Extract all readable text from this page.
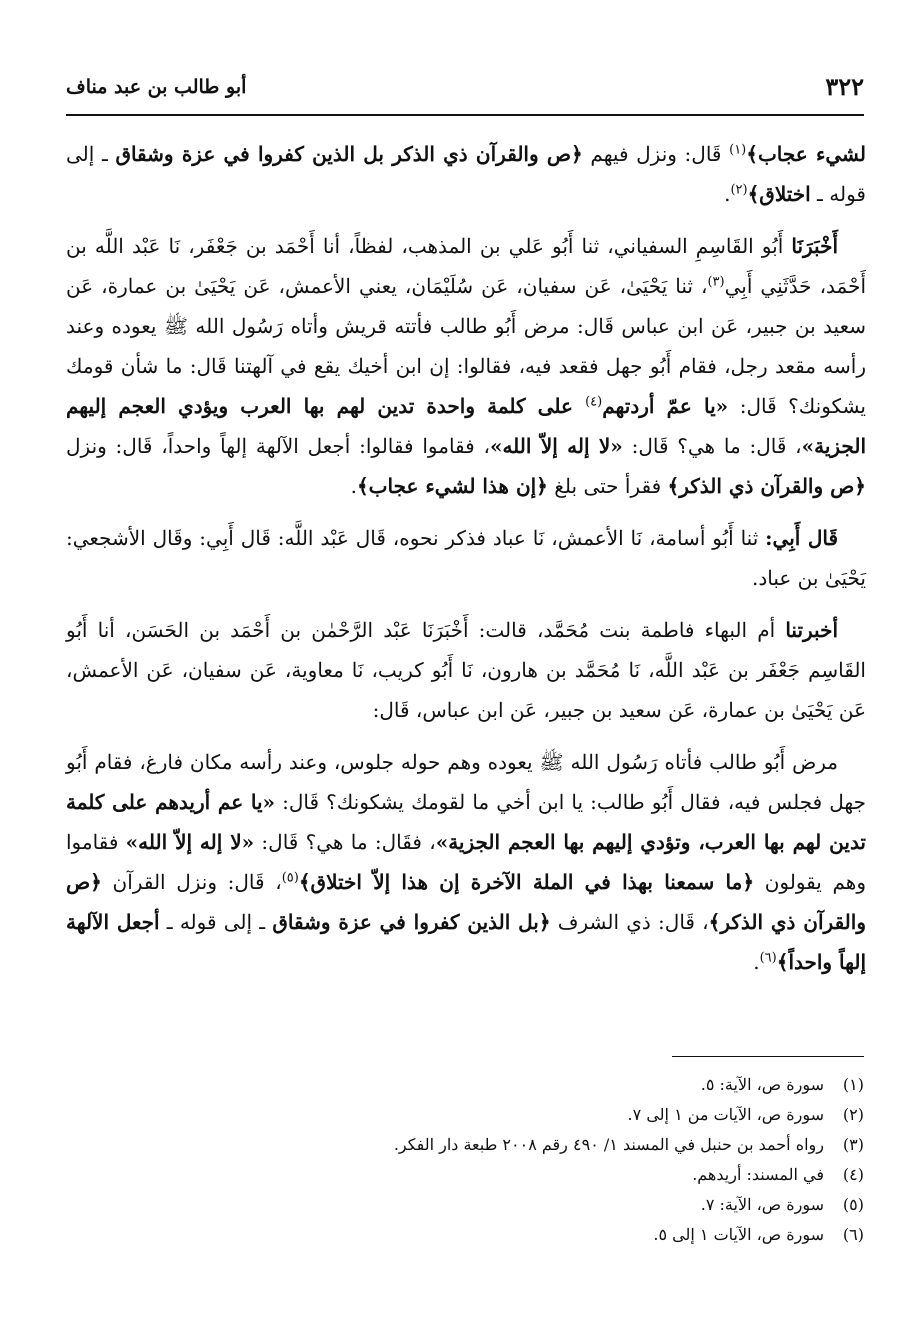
٣٢٢
أبو طالب بن عبد مناف

لشيء عجاب﴾$^{(١)}$ قَال: ونزل فيهم ﴿ص والقرآن ذي الذكر بل الذين كفروا في عزة وشقاق ـ إلى قوله ـ اختلاق﴾$^{(٢)}$.

أَخْبَرَنَا أَبُو القَاسِمِ السفياني، ثنا أَبُو عَلي بن المذهب، لفظاً، أنا أَحْمَد بن جَعْفَر، نَا عَبْد اللَّه بن أَحْمَد، حَدَّثَنِي أَبِي$^{(٣)}$، ثنا يَحْيَىٰ، عَن سفيان، عَن سُلَيْمَان، يعني الأعمش، عَن يَحْيَىٰ بن عمارة، عَن سعيد بن جبير، عَن ابن عباس قَال: مرض أَبُو طالب فأتته قريش وأتاه رَسُول الله ﷺ يعوده وعند رأسه مقعد رجل، فقام أَبُو جهل فقعد فيه، فقالوا: إن ابن أخيك يقع في آلهتنا قَال: ما شأن قومك يشكونك؟ قَال: «يا عمّ أردتهم$^{(٤)}$ على كلمة واحدة تدين لهم بها العرب ويؤدي العجم إليهم الجزية»، قَال: ما هي؟ قَال: «لا إله إلاّ الله»، فقاموا فقالوا: أجعل الآلهة إلهاً واحداً، قَال: ونزل ﴿ص والقرآن ذي الذكر﴾ فقرأ حتى بلغ ﴿إن هذا لشيء عجاب﴾.

قَال أَبِي: ثنا أَبُو أسامة، نَا الأعمش، نَا عباد فذكر نحوه، قَال عَبْد اللَّه: قَال أَبِي: وقَال الأشجعي: يَحْيَىٰ بن عباد.

أخبرتنا أم البهاء فاطمة بنت مُحَمَّد، قالت: أَخْبَرَنَا عَبْد الرَّحْمٰن بن أَحْمَد بن الحَسَن، أنا أَبُو القَاسِم جَعْفَر بن عَبْد اللَّه، نَا مُحَمَّد بن هارون، نَا أَبُو كريب، نَا معاوية، عَن سفيان، عَن الأعمش، عَن يَحْيَىٰ بن عمارة، عَن سعيد بن جبير، عَن ابن عباس، قَال:

مرض أَبُو طالب فأتاه رَسُول الله ﷺ يعوده وهم حوله جلوس، وعند رأسه مكان فارغ، فقام أَبُو جهل فجلس فيه، فقال أَبُو طالب: يا ابن أخي ما لقومك يشكونك؟ قَال: «يا عم أريدهم على كلمة تدين لهم بها العرب، وتؤدي إليهم بها العجم الجزية»، فقَال: ما هي؟ قَال: «لا إله إلاّ الله» فقاموا وهم يقولون ﴿ما سمعنا بهذا في الملة الآخرة إن هذا إلاّ اختلاق﴾$^{(٥)}$، قَال: ونزل القرآن ﴿ص والقرآن ذي الذكر﴾، قَال: ذي الشرف ﴿بل الذين كفروا في عزة وشقاق ـ إلى قوله ـ أجعل الآلهة إلهاً واحداً﴾$^{(٦)}$.

(١)سورة ص، الآية: ٥.
(٢)سورة ص، الآيات من ١ إلى ٧.
(٣)رواه أحمد بن حنبل في المسند ١/ ٤٩٠ رقم ٢٠٠٨ طبعة دار الفكر.
(٤)في المسند: أريدهم.
(٥)سورة ص، الآية: ٧.
(٦)سورة ص، الآيات ١ إلى ٥.
